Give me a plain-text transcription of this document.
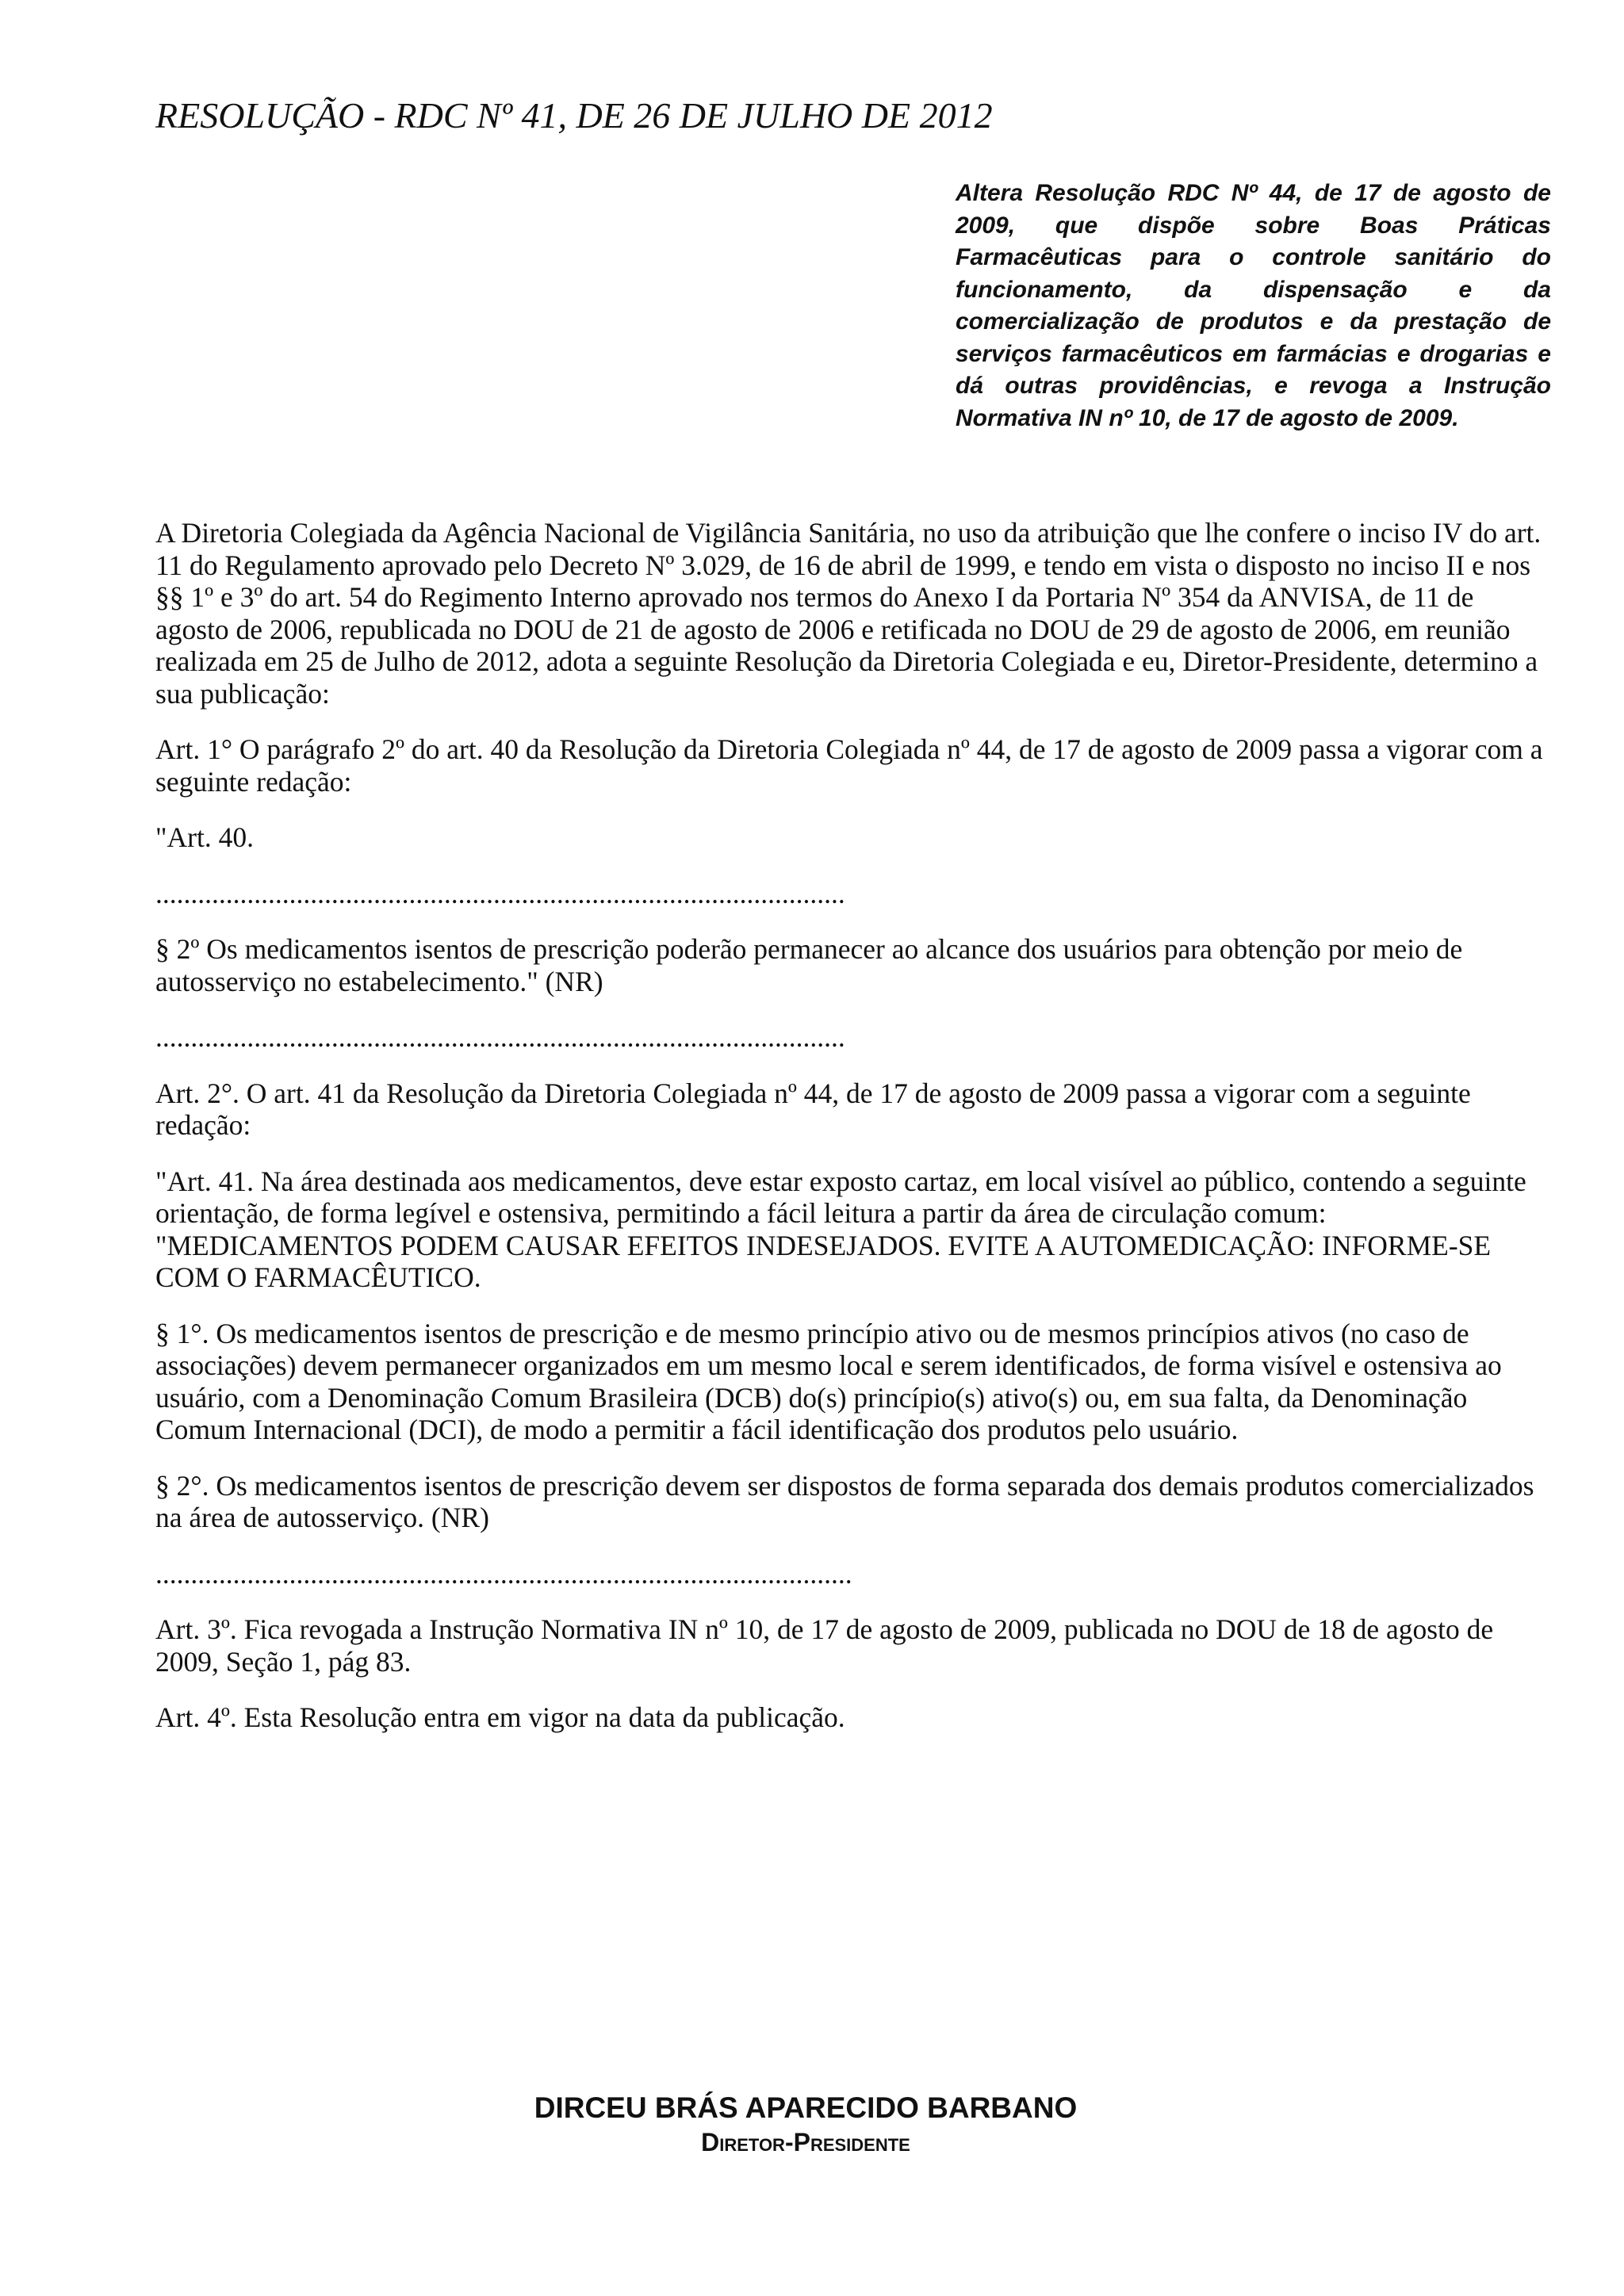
RESOLUÇÃO - RDC Nº 41, DE 26 DE JULHO DE 2012

Altera Resolução RDC Nº 44, de 17 de agosto de 2009, que dispõe sobre Boas Práticas Farmacêuticas para o controle sanitário do funcionamento, da dispensação e da comercialização de produtos e da prestação de serviços farmacêuticos em farmácias e drogarias e dá outras providências, e revoga a Instrução Normativa IN nº 10, de 17 de agosto de 2009.

A Diretoria Colegiada da Agência Nacional de Vigilância Sanitária, no uso da atribuição que lhe confere o inciso IV do art. 11 do Regulamento aprovado pelo Decreto Nº 3.029, de 16 de abril de 1999, e tendo em vista o disposto no inciso II e nos §§ 1º e 3º do art. 54 do Regimento Interno aprovado nos termos do Anexo I da Portaria Nº 354 da ANVISA, de 11 de agosto de 2006, republicada no DOU de 21 de agosto de 2006 e retificada no DOU de 29 de agosto de 2006, em reunião realizada em 25 de Julho de 2012, adota a seguinte Resolução da Diretoria Colegiada e eu, Diretor-Presidente, determino a sua publicação:

Art. 1° O parágrafo 2º do art. 40 da Resolução da Diretoria Colegiada nº 44, de 17 de agosto de 2009 passa a vigorar com a seguinte redação:

"Art. 40.

..................................................................................................

§ 2º Os medicamentos isentos de prescrição poderão permanecer ao alcance dos usuários para obtenção por meio de autosserviço no estabelecimento." (NR)

..................................................................................................

Art. 2°. O art. 41 da Resolução da Diretoria Colegiada nº 44, de 17 de agosto de 2009 passa a vigorar com a seguinte redação:

"Art. 41. Na área destinada aos medicamentos, deve estar exposto cartaz, em local visível ao público, contendo a seguinte orientação, de forma legível e ostensiva, permitindo a fácil leitura a partir da área de circulação comum: "MEDICAMENTOS PODEM CAUSAR EFEITOS INDESEJADOS. EVITE A AUTOMEDICAÇÃO: INFORME-SE COM O FARMACÊUTICO.

§ 1°. Os medicamentos isentos de prescrição e de mesmo princípio ativo ou de mesmos princípios ativos (no caso de associações) devem permanecer organizados em um mesmo local e serem identificados, de forma visível e ostensiva ao usuário, com a Denominação Comum Brasileira (DCB) do(s) princípio(s) ativo(s) ou, em sua falta, da Denominação Comum Internacional (DCI), de modo a permitir a fácil identificação dos produtos pelo usuário.

§ 2°. Os medicamentos isentos de prescrição devem ser dispostos de forma separada dos demais produtos comercializados na área de autosserviço. (NR)

...................................................................................................

Art. 3º. Fica revogada a Instrução Normativa IN nº 10, de 17 de agosto de 2009, publicada no DOU de 18 de agosto de 2009, Seção 1, pág 83.

Art. 4º. Esta Resolução entra em vigor na data da publicação.

DIRCEU BRÁS APARECIDO BARBANO
Diretor-Presidente
